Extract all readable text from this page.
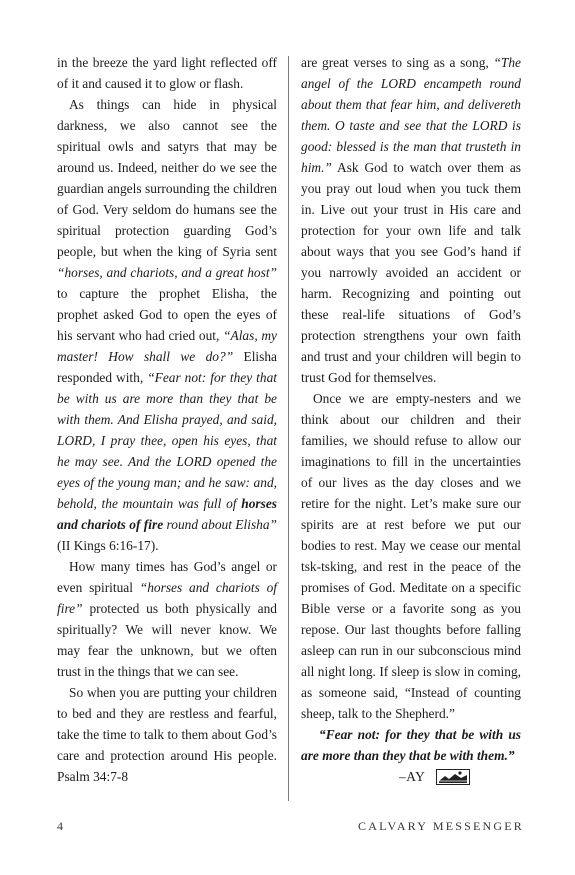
in the breeze the yard light reflected off of it and caused it to glow or flash.

As things can hide in physical darkness, we also cannot see the spiritual owls and satyrs that may be around us. Indeed, neither do we see the guardian angels surrounding the children of God. Very seldom do humans see the spiritual protection guarding God’s people, but when the king of Syria sent “horses, and chariots, and a great host” to capture the prophet Elisha, the prophet asked God to open the eyes of his servant who had cried out, “Alas, my master! How shall we do?” Elisha responded with, “Fear not: for they that be with us are more than they that be with them. And Elisha prayed, and said, LORD, I pray thee, open his eyes, that he may see. And the LORD opened the eyes of the young man; and he saw: and, behold, the mountain was full of horses and chariots of fire round about Elisha” (II Kings 6:16-17).

How many times has God’s angel or even spiritual “horses and chariots of fire” protected us both physically and spiritually? We will never know. We may fear the unknown, but we often trust in the things that we can see.

So when you are putting your children to bed and they are restless and fearful, take the time to talk to them about God’s care and protection around His people. Psalm 34:7-8

are great verses to sing as a song, “The angel of the LORD encampeth round about them that fear him, and delivereth them. O taste and see that the LORD is good: blessed is the man that trusteth in him.” Ask God to watch over them as you pray out loud when you tuck them in. Live out your trust in His care and protection for your own life and talk about ways that you see God’s hand if you narrowly avoided an accident or harm. Recognizing and pointing out these real-life situations of God’s protection strengthens your own faith and trust and your children will begin to trust God for themselves.

Once we are empty-nesters and we think about our children and their families, we should refuse to allow our imaginations to fill in the uncertainties of our lives as the day closes and we retire for the night. Let’s make sure our spirits are at rest before we put our bodies to rest. May we cease our mental tsk-tsking, and rest in the peace of the promises of God. Meditate on a specific Bible verse or a favorite song as you repose. Our last thoughts before falling asleep can run in our subconscious mind all night long. If sleep is slow in coming, as someone said, “Instead of counting sheep, talk to the Shepherd.”

“Fear not: for they that be with us are more than they that be with them.”

–AY
4	CALVARY MESSENGER
